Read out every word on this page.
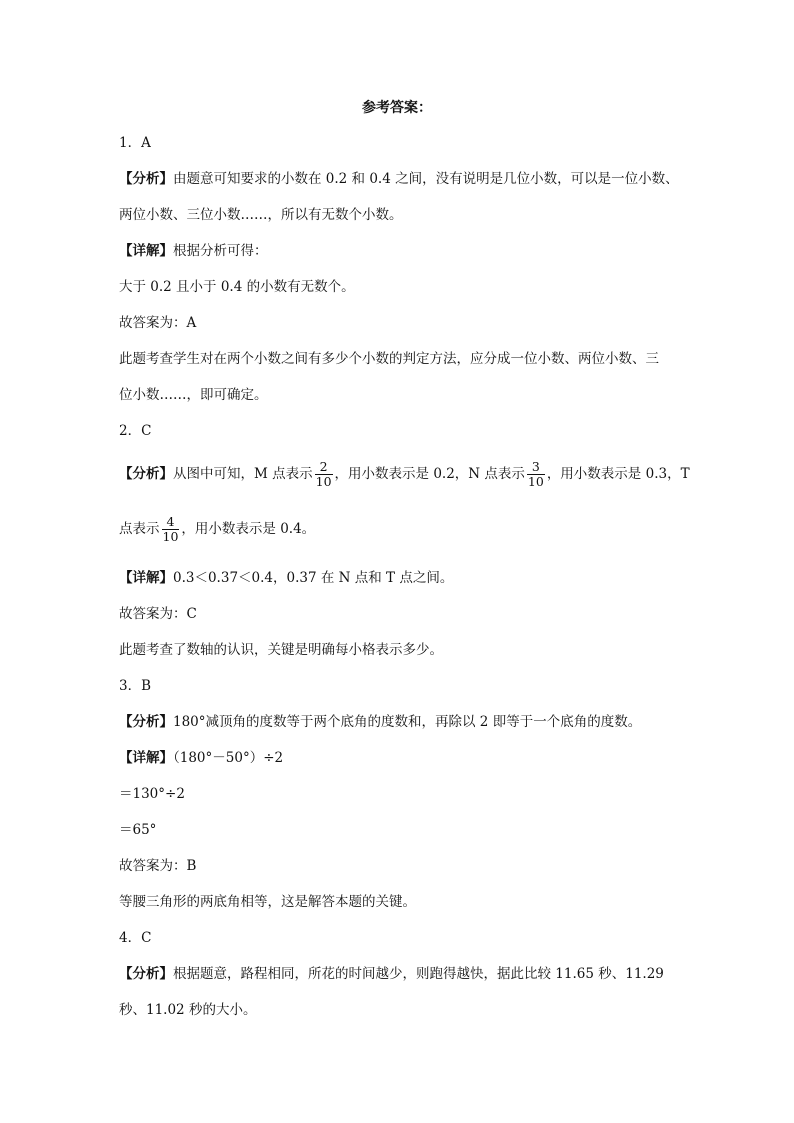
参考答案：
1．A
【分析】由题意可知要求的小数在 0.2 和 0.4 之间，没有说明是几位小数，可以是一位小数、
两位小数、三位小数……，所以有无数个小数。
【详解】根据分析可得：
大于 0.2 且小于 0.4 的小数有无数个。
故答案为：A
此题考查学生对在两个小数之间有多少个小数的判定方法，应分成一位小数、两位小数、三
位小数……，即可确定。
2．C
【分析】从图中可知，M 点表示 $\frac{2}{10}$ ，用小数表示是 0.2，N 点表示 $\frac{3}{10}$ ，用小数表示是 0.3，T
点表示 $\frac{4}{10}$ ，用小数表示是 0.4。
【详解】0.3＜0.37＜0.4，0.37 在 N 点和 T 点之间。
故答案为：C
此题考查了数轴的认识，关键是明确每小格表示多少。
3．B
【分析】180°减顶角的度数等于两个底角的度数和，再除以 2 即等于一个底角的度数。
【详解】（180°－50°）÷2
＝130°÷2
＝65°
故答案为：B
等腰三角形的两底角相等，这是解答本题的关键。
4．C
【分析】根据题意，路程相同，所花的时间越少，则跑得越快，据此比较 11.65 秒、11.29
秒、11.02 秒的大小。
